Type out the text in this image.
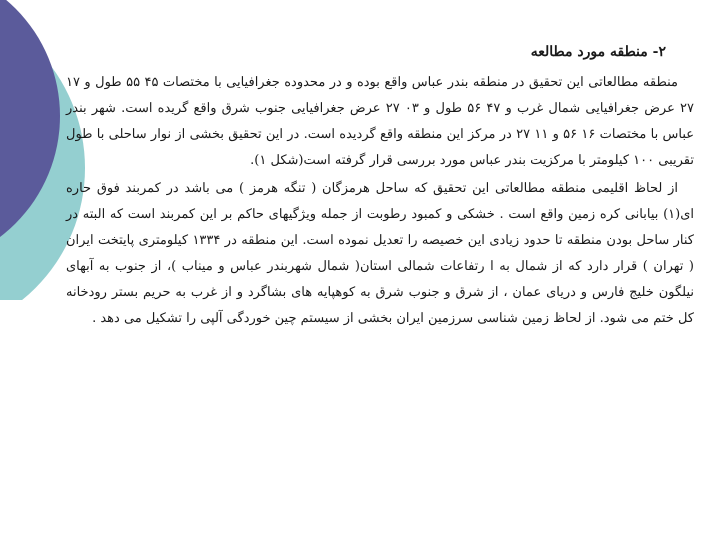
۲- منطقه مورد مطالعه

منطقه مطالعاتی این تحقیق در منطقه بندر عباس واقع بوده و در محدوده جغرافیایی با مختصات ۴۵ ۵۵ طول و ۱۷ ۲۷ عرض جغرافیایی شمال غرب و ۴۷ ۵۶ طول و ۰۳ ۲۷ عرض جغرافیایی جنوب شرق واقع گریده است. شهر بندر عباس با مختصات ۱۶ ۵۶ و ۱۱ ۲۷ در مرکز این منطقه واقع گردیده است. در این تحقیق بخشی از نوار ساحلی با طول تقریبی ۱۰۰ کیلومتر با مرکزیت بندر عباس مورد بررسی قرار گرفته است(شکل ۱).

از لحاظ اقلیمی منطقه مطالعاتی این تحقیق که ساحل هرمزگان ( تنگه هرمز ) می باشد در کمربند فوق حاره ای(۱) بیابانی کره زمین واقع است . خشکی و کمبود رطوبت از جمله ویژگیهای حاکم بر این کمربند است که البته در کنار ساحل بودن منطقه تا حدود زیادی این خصیصه را تعدیل نموده است. این منطقه در ۱۳۳۴ کیلومتری پایتخت ایران ( تهران ) قرار دارد که از شمال به ا رتفاعات شمالی استان( شمال شهربندر عباس و میناب )، از جنوب به آبهای نیلگون خلیج فارس و دریای عمان ، از شرق و جنوب شرق به کوهپایه های بشاگرد و از غرب به حریم بستر رودخانه کل ختم می شود. از لحاظ زمین شناسی سرزمین ایران بخشی از سیستم چین خوردگی آلپی را تشکیل می دهد .
